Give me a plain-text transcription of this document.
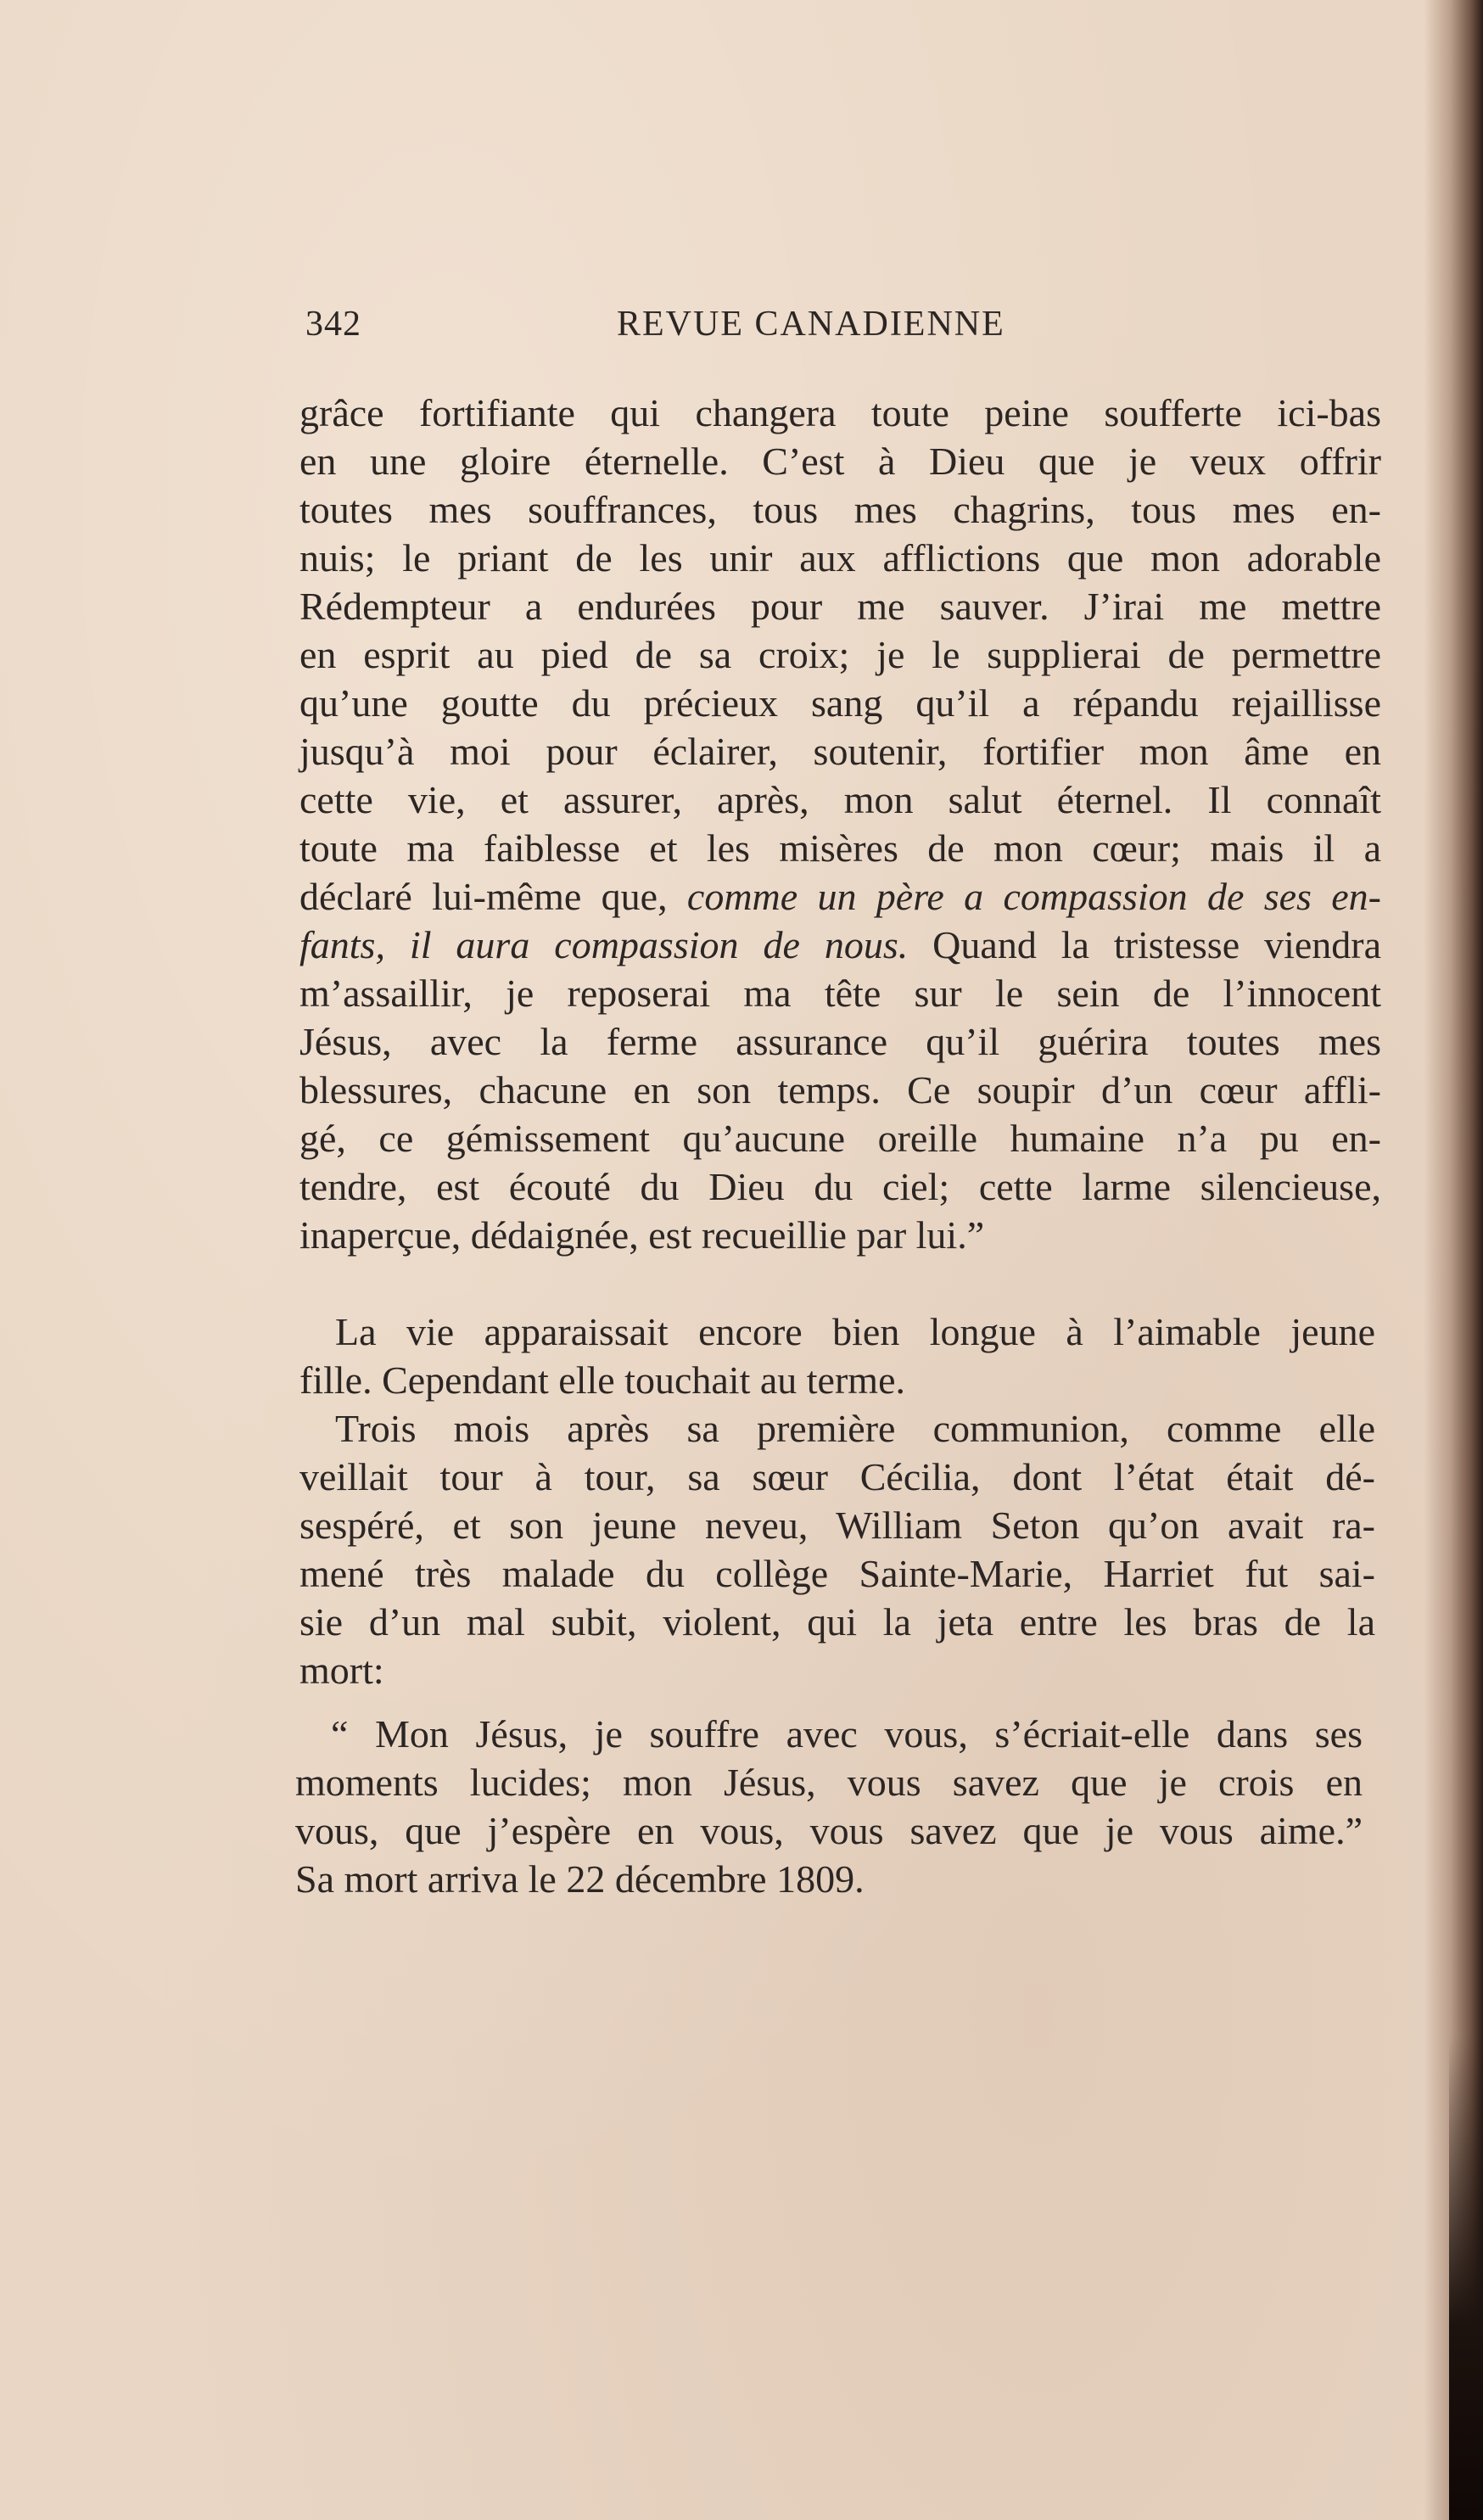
342	REVUE CANADIENNE
grâce fortifiante qui changera toute peine soufferte ici-bas
en une gloire éternelle. C’est à Dieu que je veux offrir
toutes mes souffrances, tous mes chagrins, tous mes en-
nuis; le priant de les unir aux afflictions que mon adorable
Rédempteur a endurées pour me sauver. J’irai me mettre
en esprit au pied de sa croix; je le supplierai de permettre
qu’une goutte du précieux sang qu’il a répandu rejaillisse
jusqu’à moi pour éclairer, soutenir, fortifier mon âme en
cette vie, et assurer, après, mon salut éternel. Il connaît
toute ma faiblesse et les misères de mon cœur; mais il a
déclaré lui-même que, comme un père a compassion de ses en-
fants, il aura compassion de nous. Quand la tristesse viendra
m’assaillir, je reposerai ma tête sur le sein de l’innocent
Jésus, avec la ferme assurance qu’il guérira toutes mes
blessures, chacune en son temps. Ce soupir d’un cœur affli-
gé, ce gémissement qu’aucune oreille humaine n’a pu en-
tendre, est écouté du Dieu du ciel; cette larme silencieuse,
inaperçue, dédaignée, est recueillie par lui.”
La vie apparaissait encore bien longue à l’aimable jeune
fille. Cependant elle touchait au terme.
Trois mois après sa première communion, comme elle
veillait tour à tour, sa sœur Cécilia, dont l’état était dé-
sespéré, et son jeune neveu, William Seton qu’on avait ra-
mené très malade du collège Sainte-Marie, Harriet fut sai-
sie d’un mal subit, violent, qui la jeta entre les bras de la
mort:
“ Mon Jésus, je souffre avec vous, s’écriait-elle dans ses
moments lucides; mon Jésus, vous savez que je crois en
vous, que j’espère en vous, vous savez que je vous aime.”
Sa mort arriva le 22 décembre 1809.
